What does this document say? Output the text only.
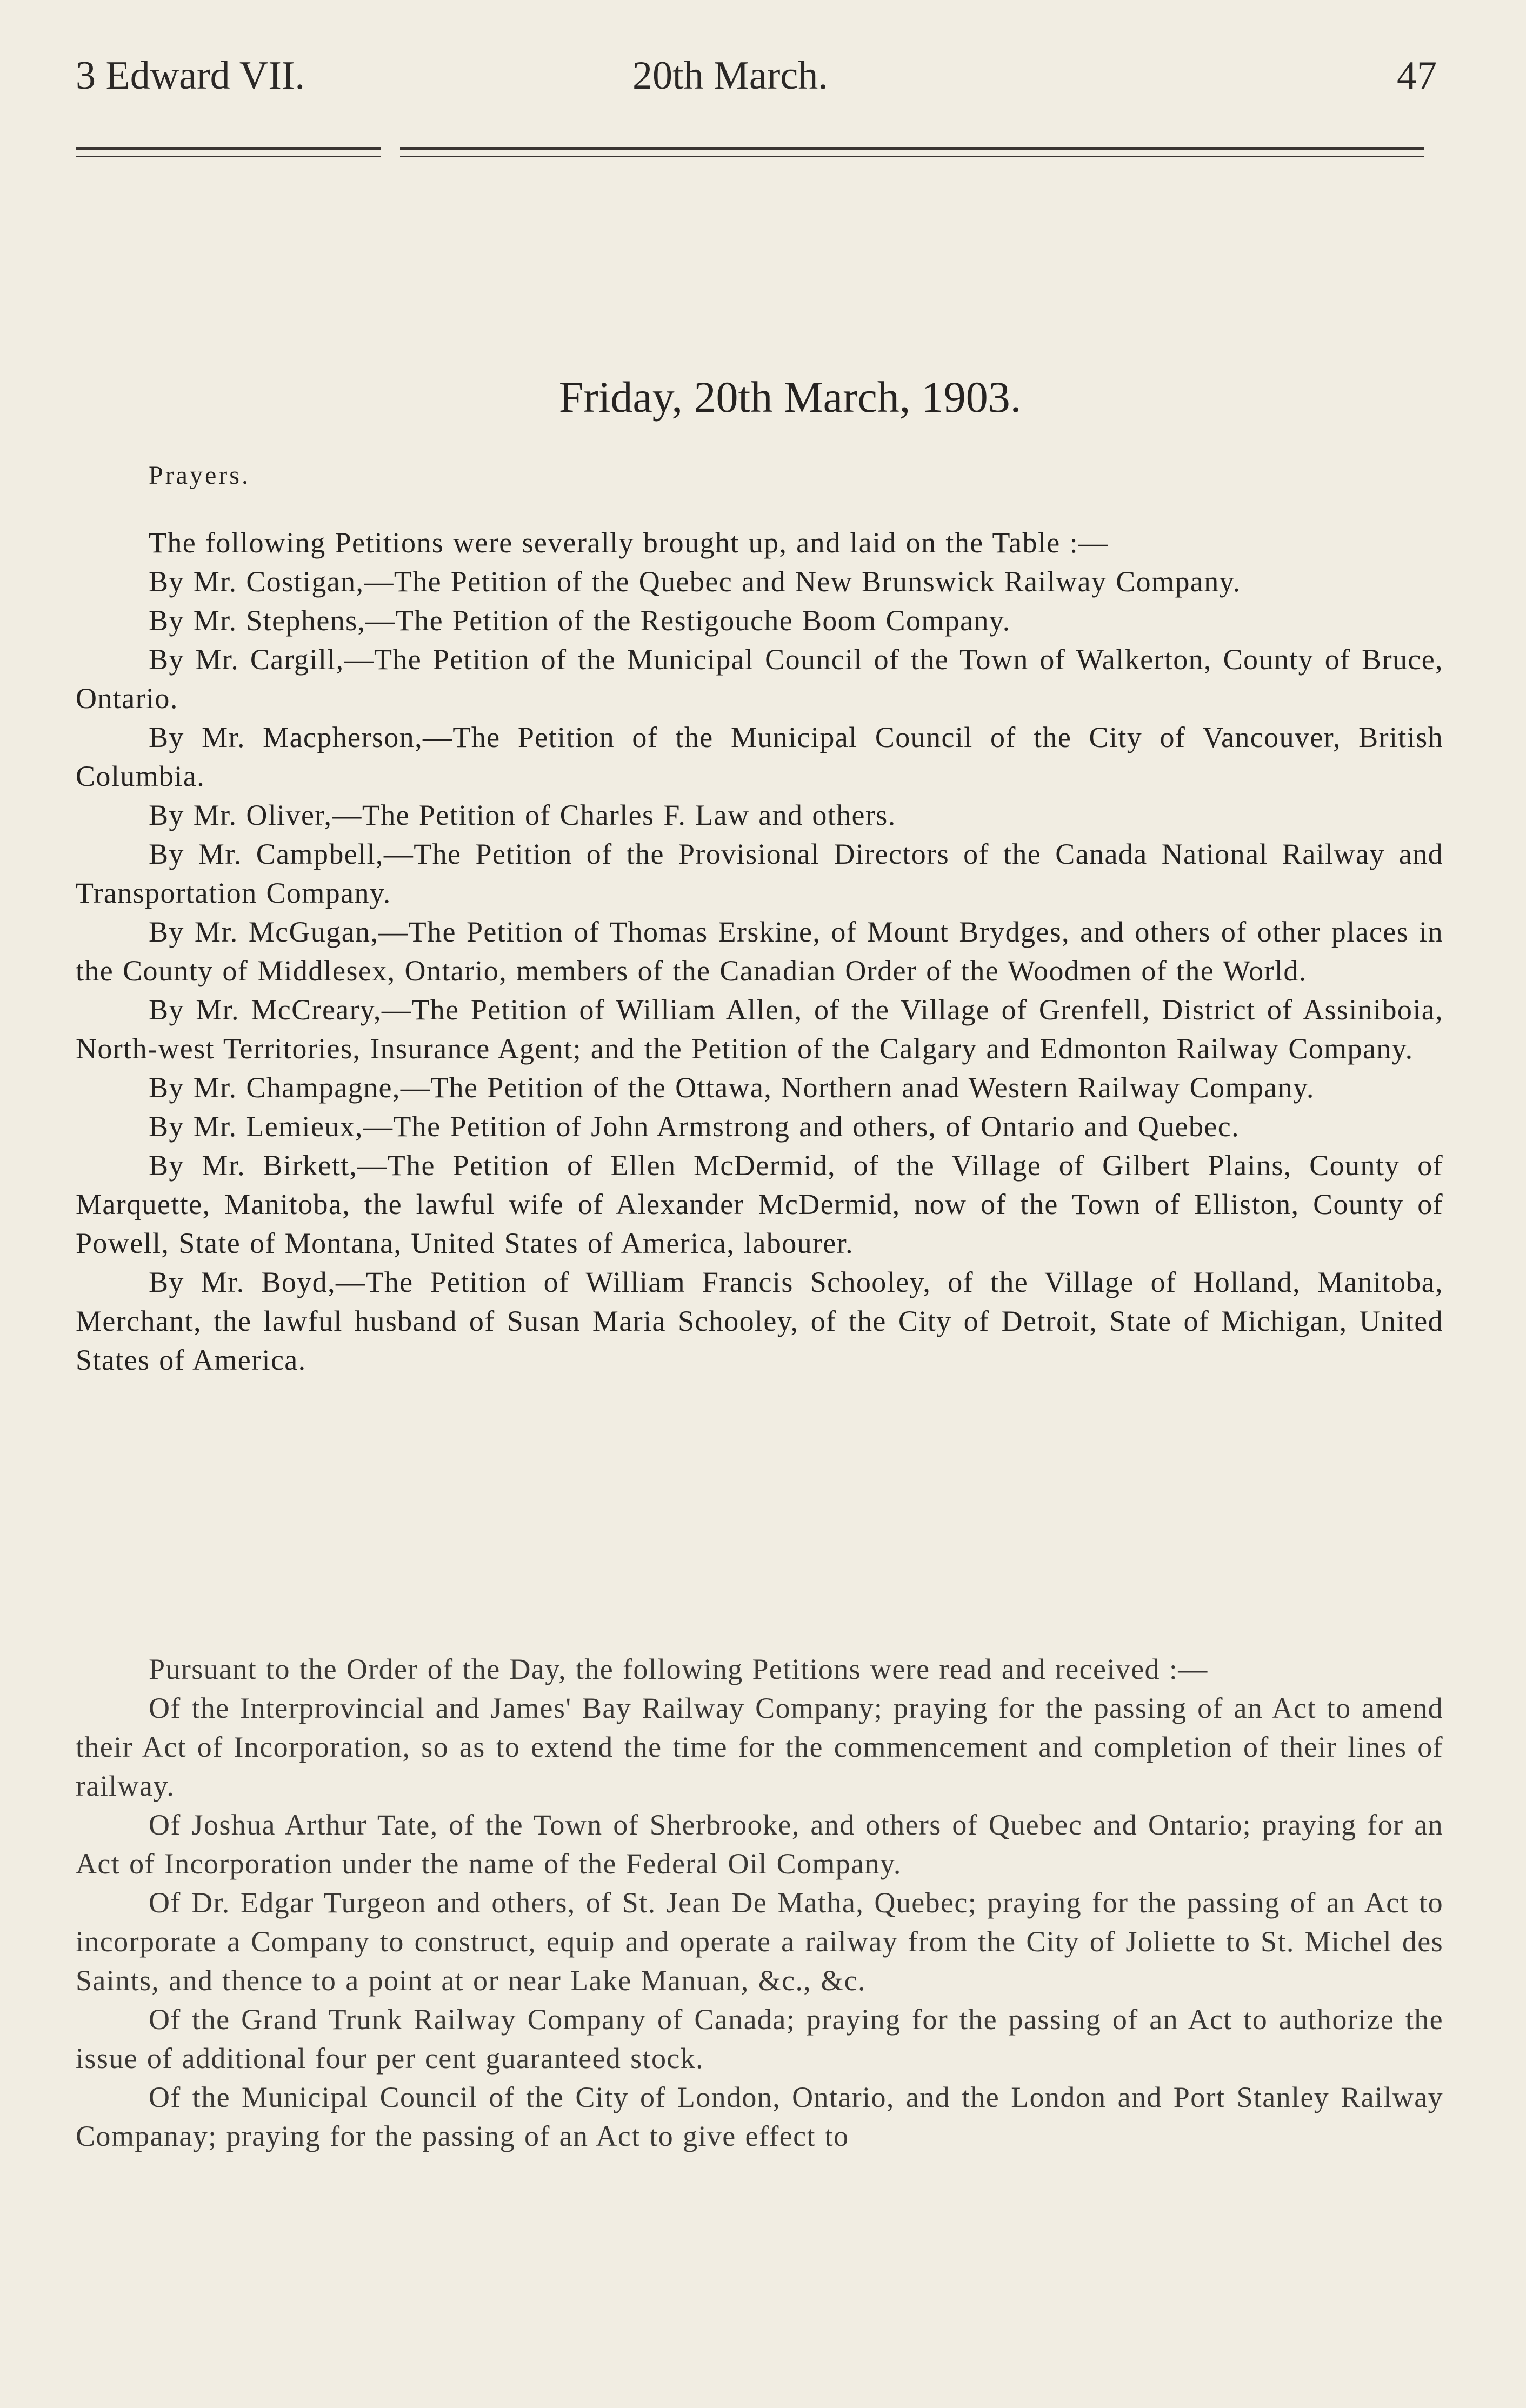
3 Edward VII.	20th March.	47
Friday, 20th March, 1903.
Prayers.

The following Petitions were severally brought up, and laid on the Table :—

By Mr. Costigan,—The Petition of the Quebec and New Brunswick Railway Company.

By Mr. Stephens,—The Petition of the Restigouche Boom Company.

By Mr. Cargill,—The Petition of the Municipal Council of the Town of Walkerton, County of Bruce, Ontario.

By Mr. Macpherson,—The Petition of the Municipal Council of the City of Vancouver, British Columbia.

By Mr. Oliver,—The Petition of Charles F. Law and others.

By Mr. Campbell,—The Petition of the Provisional Directors of the Canada National Railway and Transportation Company.

By Mr. McGugan,—The Petition of Thomas Erskine, of Mount Brydges, and others of other places in the County of Middlesex, Ontario, members of the Canadian Order of the Woodmen of the World.

By Mr. McCreary,—The Petition of William Allen, of the Village of Grenfell, District of Assiniboia, North-west Territories, Insurance Agent; and the Petition of the Calgary and Edmonton Railway Company.

By Mr. Champagne,—The Petition of the Ottawa, Northern anad Western Railway Company.

By Mr. Lemieux,—The Petition of John Armstrong and others, of Ontario and Quebec.

By Mr. Birkett,—The Petition of Ellen McDermid, of the Village of Gilbert Plains, County of Marquette, Manitoba, the lawful wife of Alexander McDermid, now of the Town of Elliston, County of Powell, State of Montana, United States of America, labourer.

By Mr. Boyd,—The Petition of William Francis Schooley, of the Village of Holland, Manitoba, Merchant, the lawful husband of Susan Maria Schooley, of the City of Detroit, State of Michigan, United States of America.

Pursuant to the Order of the Day, the following Petitions were read and received :—

Of the Interprovincial and James' Bay Railway Company; praying for the passing of an Act to amend their Act of Incorporation, so as to extend the time for the commencement and completion of their lines of railway.

Of Joshua Arthur Tate, of the Town of Sherbrooke, and others of Quebec and Ontario; praying for an Act of Incorporation under the name of the Federal Oil Company.

Of Dr. Edgar Turgeon and others, of St. Jean De Matha, Quebec; praying for the passing of an Act to incorporate a Company to construct, equip and operate a railway from the City of Joliette to St. Michel des Saints, and thence to a point at or near Lake Manuan, &c., &c.

Of the Grand Trunk Railway Company of Canada; praying for the passing of an Act to authorize the issue of additional four per cent guaranteed stock.

Of the Municipal Council of the City of London, Ontario, and the London and Port Stanley Railway Companay; praying for the passing of an Act to give effect to
